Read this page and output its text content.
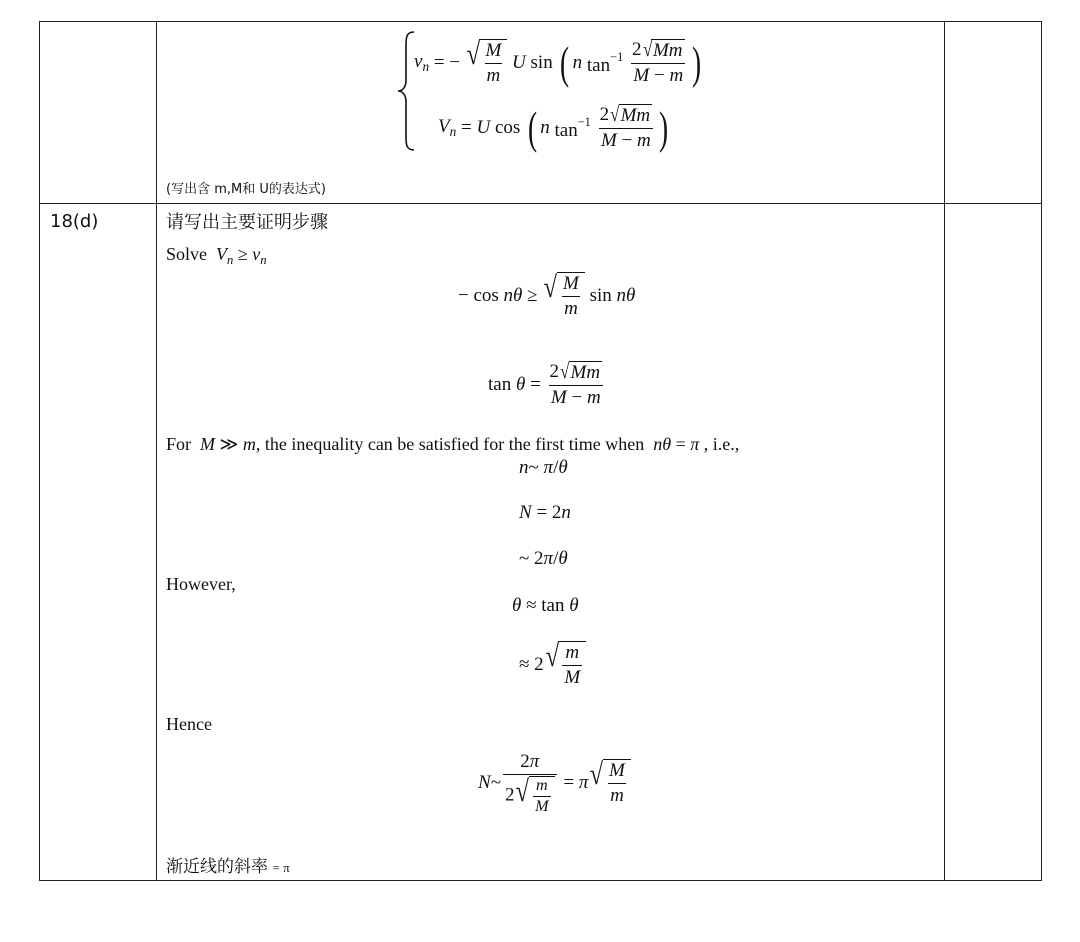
$v_n$ = − √ $\frac{M}{m}$ U sin ( n $\tan^{-1} \frac{2 √ Mm}{M - m}$ )
$V_n = U$ cos ( n $\tan^{-1} \frac{2 √ Mm}{M - m}$ )
(写出含 m,M和 U的表达式)
18(d)	请写出主要证明步骤
Solve  $V_n \ge v_n$
− cos nθ ≥ √ $\frac{M}{m}$ sin nθ
$\tan \theta = \frac{2 √ Mm}{M - m}$
For  M ≫ m, the inequality can be satisfied for the first time when  nθ = π , i.e.,
n ~ π / θ
N = 2 n
~ 2 π / θ
However,
θ ≈ tan θ
≈ 2 √ $\frac{m}{M}$
Hence
N ~ $\frac{2\pi}{2 √ \frac{m}{M}} = \pi$ √ $\frac{M}{m}$
渐近线的斜率 = π
